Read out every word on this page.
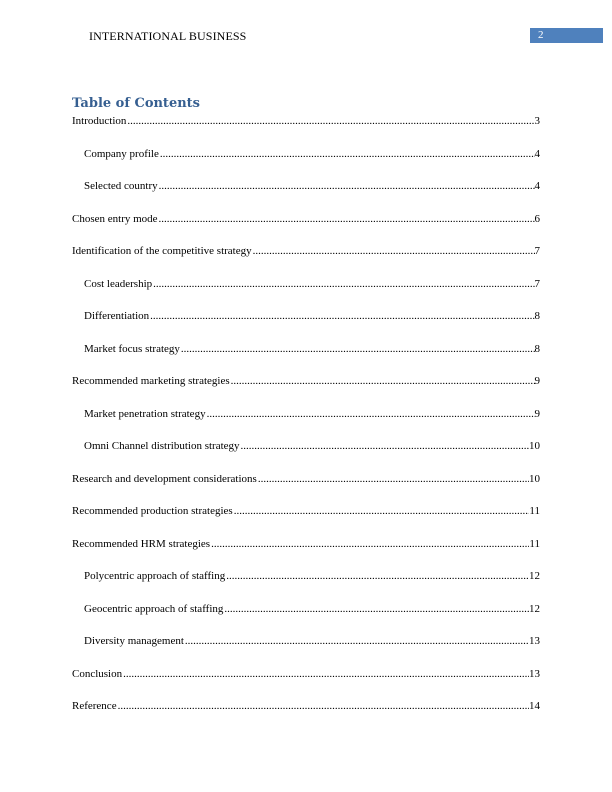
INTERNATIONAL BUSINESS	2
Table of Contents
Introduction .....	3
Company profile .....	4
Selected country .....	4
Chosen entry mode .....	6
Identification of the competitive strategy .....	7
Cost leadership .....	7
Differentiation .....	8
Market focus strategy .....	8
Recommended marketing strategies .....	9
Market penetration strategy .....	9
Omni Channel distribution strategy .....	10
Research and development considerations .....	10
Recommended production strategies .....	11
Recommended HRM strategies .....	11
Polycentric approach of staffing .....	12
Geocentric approach of staffing .....	12
Diversity management .....	13
Conclusion .....	13
Reference .....	14
